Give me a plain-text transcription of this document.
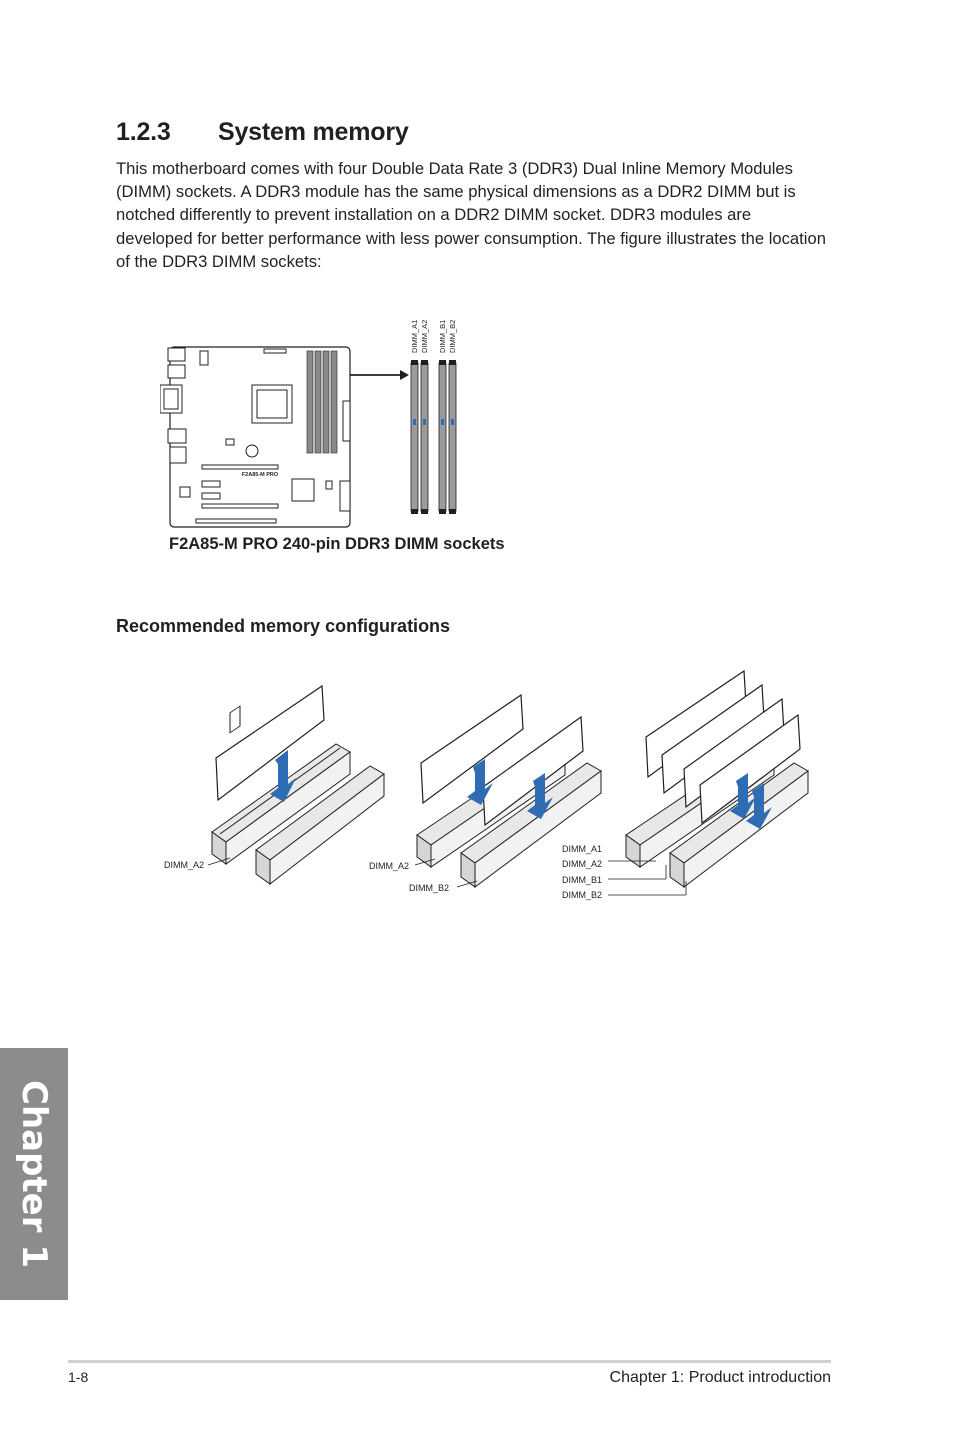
1.2.3 System memory

This motherboard comes with four Double Data Rate 3 (DDR3) Dual Inline Memory Modules (DIMM) sockets. A DDR3 module has the same physical dimensions as a DDR2 DIMM but is notched differently to prevent installation on a DDR2 DIMM socket. DDR3 modules are developed for better performance with less power consumption. The figure illustrates the location of the DDR3 DIMM sockets:

F2A85-M PRO
DIMM_A1 DIMM_A2 DIMM_B1 DIMM_B2
F2A85-M PRO 240-pin DDR3 DIMM sockets
Recommended memory configurations
DIMM_A2	DIMM_A2
DIMM_B2
DIMM_A1
DIMM_A2
DIMM_B1
DIMM_B2
Chapter 1
1-8	Chapter 1: Product introduction
